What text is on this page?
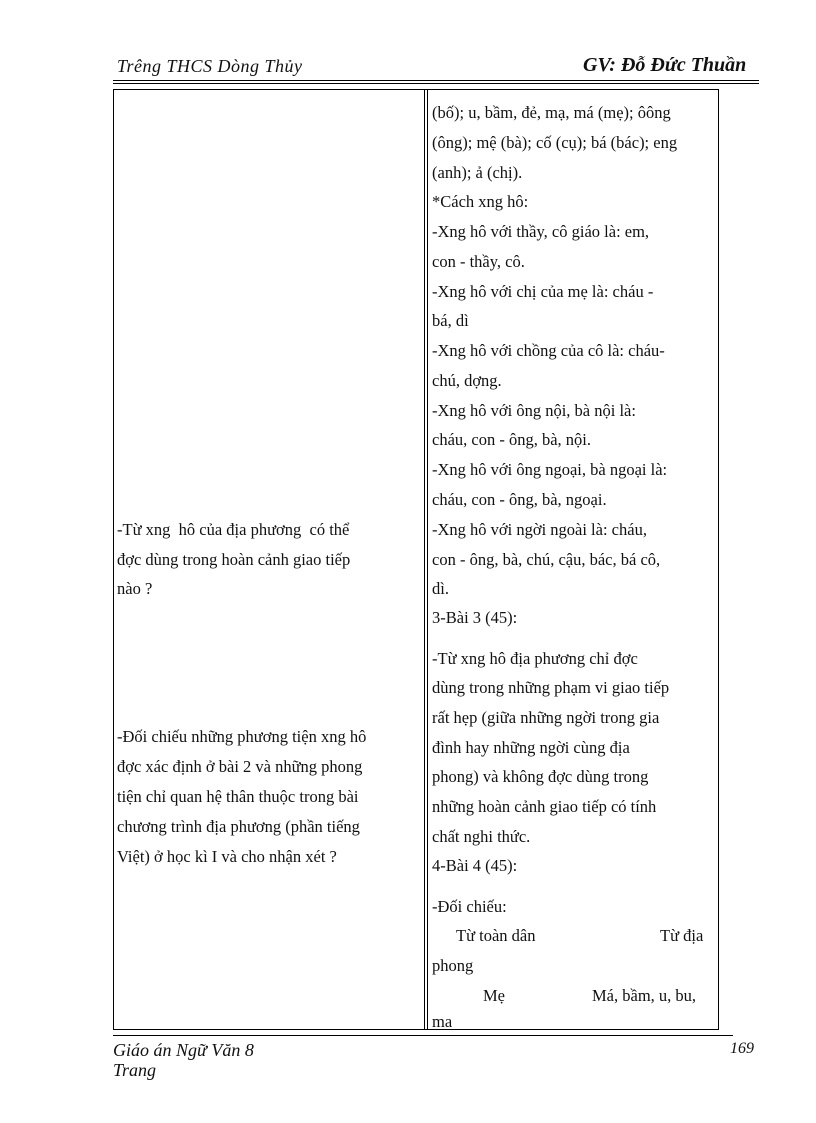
Trêng THCS Dòng Thủy	GV: Đỗ Đức Thuần
-Từ xng  hô của địa phương  có thể
đợc dùng trong hoàn cảnh giao tiếp
nào ?
-Đối chiếu những phương tiện xng hô
đợc xác định ở bài 2 và những phong
tiện chỉ quan hệ thân thuộc trong bài
chương trình địa phương (phần tiếng
Việt) ở học kì I và cho nhận xét ?
(bố); u, bầm, đẻ, mạ, má (mẹ); ôông
(ông); mệ (bà); cố (cụ); bá (bác); eng
(anh); ả (chị).
*Cách xng hô:
-Xng hô với thầy, cô giáo là: em,
con - thầy, cô.
-Xng hô với chị của mẹ là: cháu -
bá, dì
-Xng hô với chồng của cô là: cháu-
chú, dợng.
-Xng hô với ông nội, bà nội là:
cháu, con - ông, bà, nội.
-Xng hô với ông ngoại, bà ngoại là:
cháu, con - ông, bà, ngoại.
-Xng hô với ngời ngoài là: cháu,
con - ông, bà, chú, cậu, bác, bá cô,
dì.
3-Bài 3 (45):
-Từ xng hô địa phương chỉ đợc
dùng trong những phạm vi giao tiếp
rất hẹp (giữa những ngời trong gia
đình hay những ngời cùng địa
phong) và không đợc dùng trong
những hoàn cảnh giao tiếp có tính
chất nghi thức.
4-Bài 4 (45):
-Đối chiếu:
Từ toàn dân	Từ địa
phong
Mẹ	Má, bầm, u, bu,
ma
Giáo án Ngữ Văn 8
Trang
169
